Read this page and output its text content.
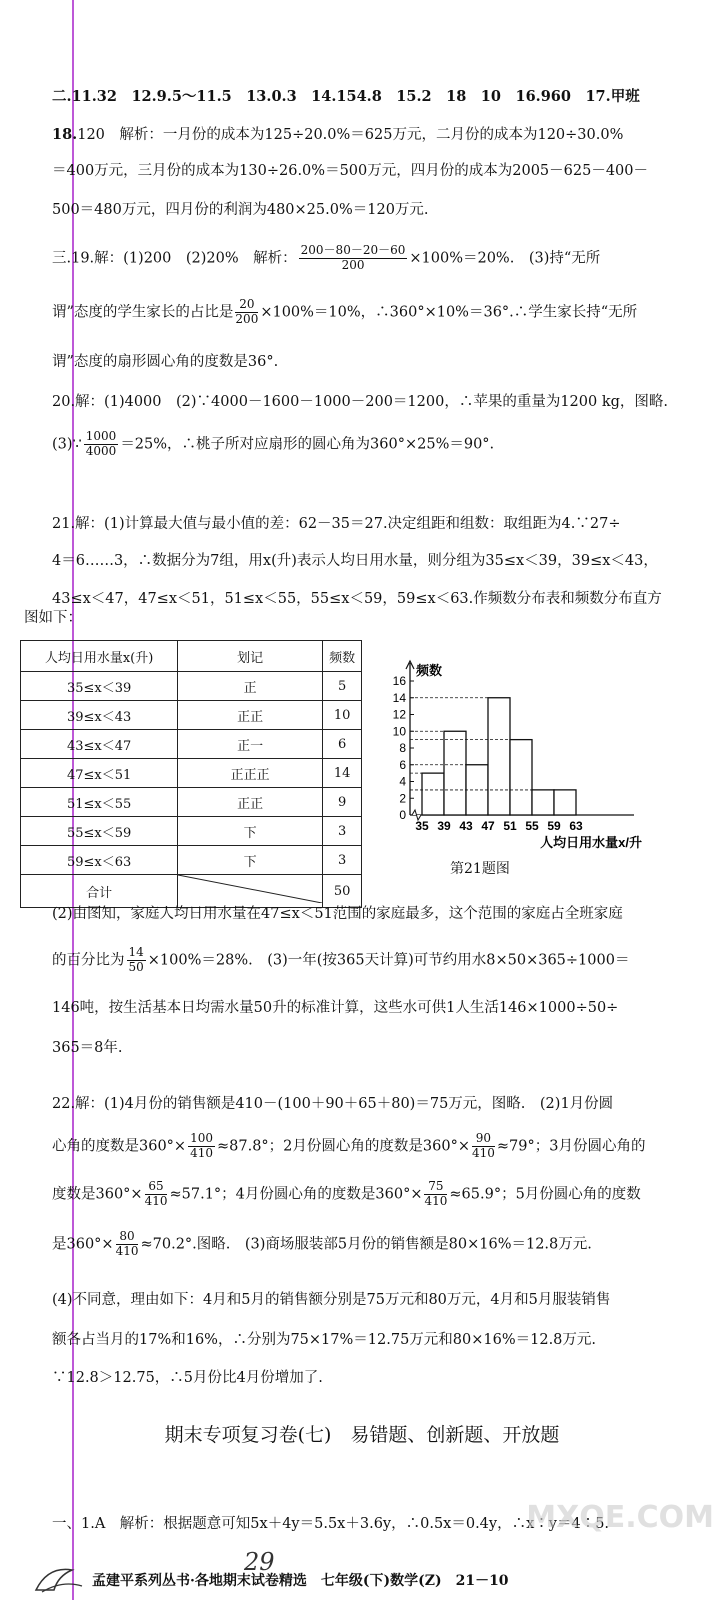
二.11.32　12.9.5～11.5　13.0.3　14.154.8　15.2　18　10　16.960　17.甲班
18.120　解析：一月份的成本为125÷20.0%＝625万元，二月份的成本为120÷30.0%
＝400万元，三月份的成本为130÷26.0%＝500万元，四月份的成本为2005－625－400－
500＝480万元，四月份的利润为480×25.0%＝120万元.
三.19.解：(1)200　(2)20%　解析： $\frac{200-80-20-60}{200} \times 100\%=20\%$.　(3)持“无所
谓”态度的学生家长的占比是 $\frac{20}{200} \times 100\%=10\%$，∴360°×10%＝36°.∴学生家长持“无所
谓”态度的扇形圆心角的度数是36°.
20.解：(1)4000　(2)∵4000－1600－1000－200＝1200，∴苹果的重量为1200 kg，图略.
(3)∵ $\frac{1000}{4000} =25\%$，∴桃子所对应扇形的圆心角为360°×25%＝90°.
21.解：(1)计算最大值与最小值的差：62－35＝27.决定组距和组数：取组距为4.∵27÷
4＝6……3，∴数据分为7组，用x(升)表示人均日用水量，则分组为35≤x＜39，39≤x＜43，
43≤x＜47，47≤x＜51，51≤x＜55，55≤x＜59，59≤x＜63.作频数分布表和频数分布直方
图如下：
人均日用水量x(升)	划记	频数
35≤x＜39	正	5
39≤x＜43	正正	10
43≤x＜47	正一	6
47≤x＜51	正正正	14
51≤x＜55	正正	9
55≤x＜59	下	3
59≤x＜63	下	3
合计		50
频数
0
2
4
6
8
10
12
14
16
35 39 43 47 51 55 59 63
人均日用水量x/升
第21题图
(2)由图知，家庭人均日用水量在47≤x＜51范围的家庭最多，这个范围的家庭占全班家庭
的百分比为 $\frac{14}{50} \times 100\%=28\%$.　(3)一年(按365天计算)可节约用水8×50×365÷1000＝
146吨，按生活基本日均需水量50升的标准计算，这些水可供1人生活146×1000÷50÷
365＝8年.
22.解：(1)4月份的销售额是410－(100＋90＋65＋80)＝75万元，图略.　(2)1月份圆
心角的度数是$360^\circ\times \frac{100}{410} \approx 87.8^\circ$；2月份圆心角的度数是$360^\circ\times \frac{90}{410} \approx 79^\circ$；3月份圆心角的
度数是$360^\circ\times \frac{65}{410} \approx 57.1^\circ$；4月份圆心角的度数是$360^\circ\times \frac{75}{410} \approx 65.9^\circ$；5月份圆心角的度数
是$360^\circ\times \frac{80}{410} \approx 70.2^\circ$.图略.　(3)商场服装部5月份的销售额是80×16%＝12.8万元.
(4)不同意，理由如下：4月和5月的销售额分别是75万元和80万元，4月和5月服装销售
额各占当月的17%和16%，∴分别为75×17%＝12.75万元和80×16%＝12.8万元.
∵12.8＞12.75，∴5月份比4月份增加了.
期末专项复习卷(七)　易错题、创新题、开放题
一、1.A　解析：根据题意可知5x＋4y＝5.5x＋3.6y，∴0.5x＝0.4y，∴x∶y＝4∶5.
MXQE.COM
孟建平系列丛书·各地期末试卷精选　七年级(下)数学(Z)　21－10
29
